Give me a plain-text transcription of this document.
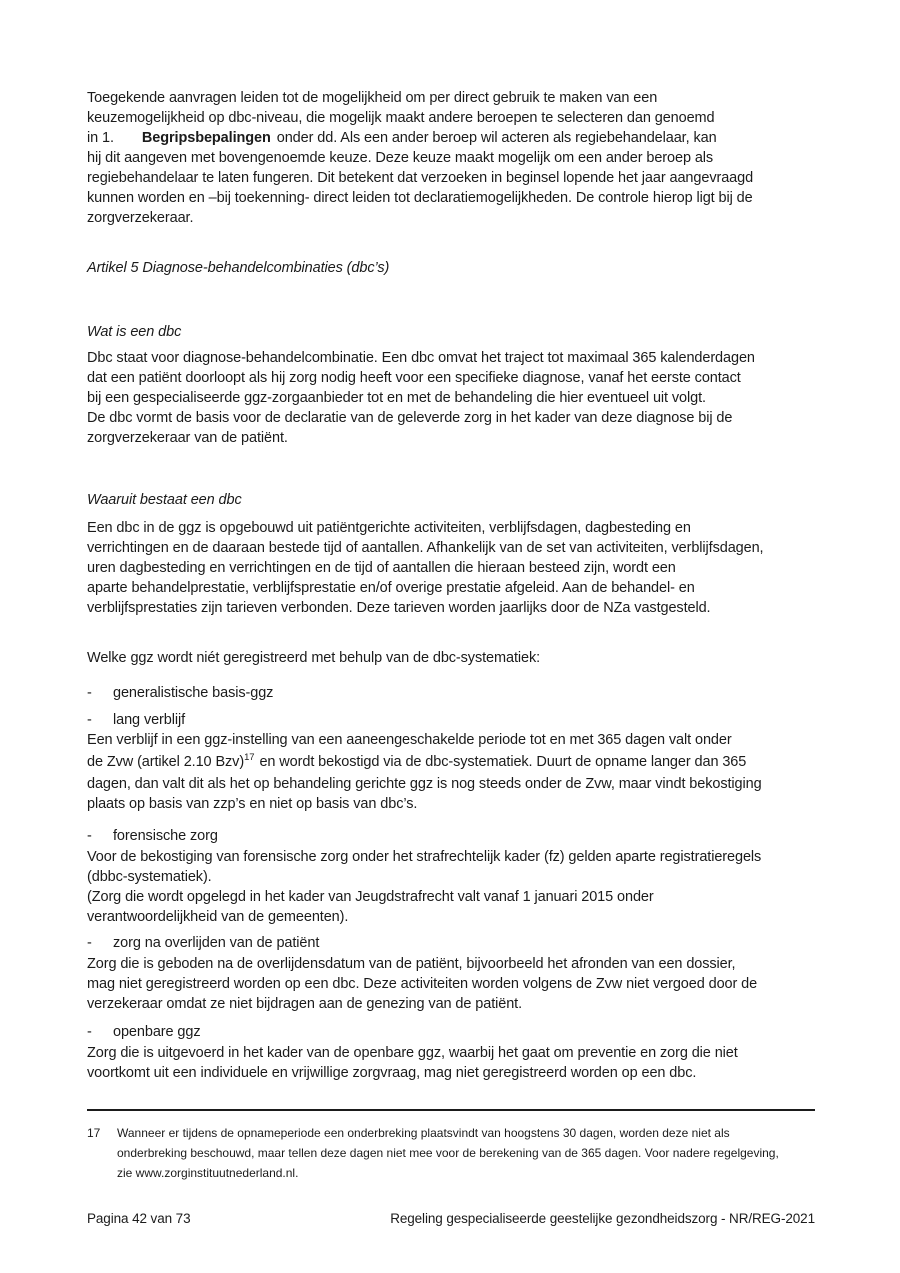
Toegekende aanvragen leiden tot de mogelijkheid om per direct gebruik te maken van een
keuzemogelijkheid op dbc-niveau, die mogelijk maakt andere beroepen te selecteren dan genoemd
in 1. Begripsbepalingen onder dd. Als een ander beroep wil acteren als regiebehandelaar, kan
hij dit aangeven met bovengenoemde keuze. Deze keuze maakt mogelijk om een ander beroep als
regiebehandelaar te laten fungeren. Dit betekent dat verzoeken in beginsel lopende het jaar aangevraagd
kunnen worden en –bij toekenning- direct leiden tot declaratiemogelijkheden. De controle hierop ligt bij de
zorgverzekeraar.

Artikel 5 Diagnose-behandelcombinaties (dbc’s)
Wat is een dbc

Dbc staat voor diagnose-behandelcombinatie. Een dbc omvat het traject tot maximaal 365 kalenderdagen
dat een patiënt doorloopt als hij zorg nodig heeft voor een specifieke diagnose, vanaf het eerste contact
bij een gespecialiseerde ggz-zorgaanbieder tot en met de behandeling die hier eventueel uit volgt.
De dbc vormt de basis voor de declaratie van de geleverde zorg in het kader van deze diagnose bij de
zorgverzekeraar van de patiënt.

Waaruit bestaat een dbc

Een dbc in de ggz is opgebouwd uit patiëntgerichte activiteiten, verblijfsdagen, dagbesteding en
verrichtingen en de daaraan bestede tijd of aantallen. Afhankelijk van de set van activiteiten, verblijfsdagen,
uren dagbesteding en verrichtingen en de tijd of aantallen die hieraan besteed zijn, wordt een
aparte behandelprestatie, verblijfsprestatie en/of overige prestatie afgeleid. Aan de behandel- en
verblijfsprestaties zijn tarieven verbonden. Deze tarieven worden jaarlijks door de NZa vastgesteld.

Welke ggz wordt niét geregistreerd met behulp van de dbc-systematiek:

-	generalistische basis-ggz
-	lang verblijf

Een verblijf in een ggz-instelling van een aaneengeschakelde periode tot en met 365 dagen valt onder
de Zvw (artikel 2.10 Bzv)$^{17}$ en wordt bekostigd via de dbc-systematiek. Duurt de opname langer dan 365
dagen, dan valt dit als het op behandeling gerichte ggz is nog steeds onder de Zvw, maar vindt bekostiging
plaats op basis van zzp’s en niet op basis van dbc’s.

-	forensische zorg

Voor de bekostiging van forensische zorg onder het strafrechtelijk kader (fz) gelden aparte registratieregels
(dbbc-systematiek).
(Zorg die wordt opgelegd in het kader van Jeugdstrafrecht valt vanaf 1 januari 2015 onder
verantwoordelijkheid van de gemeenten).

-	zorg na overlijden van de patiënt

Zorg die is geboden na de overlijdensdatum van de patiënt, bijvoorbeeld het afronden van een dossier,
mag niet geregistreerd worden op een dbc. Deze activiteiten worden volgens de Zvw niet vergoed door de
verzekeraar omdat ze niet bijdragen aan de genezing van de patiënt.

-	openbare ggz

Zorg die is uitgevoerd in het kader van de openbare ggz, waarbij het gaat om preventie en zorg die niet
voortkomt uit een individuele en vrijwillige zorgvraag, mag niet geregistreerd worden op een dbc.

17	Wanneer er tijdens de opnameperiode een onderbreking plaatsvindt van hoogstens 30 dagen, worden deze niet als
onderbreking beschouwd, maar tellen deze dagen niet mee voor de berekening van de 365 dagen. Voor nadere regelgeving,
zie www.zorginstituutnederland.nl.
Pagina 42 van 73	Regeling gespecialiseerde geestelijke gezondheidszorg - NR/REG-2021
